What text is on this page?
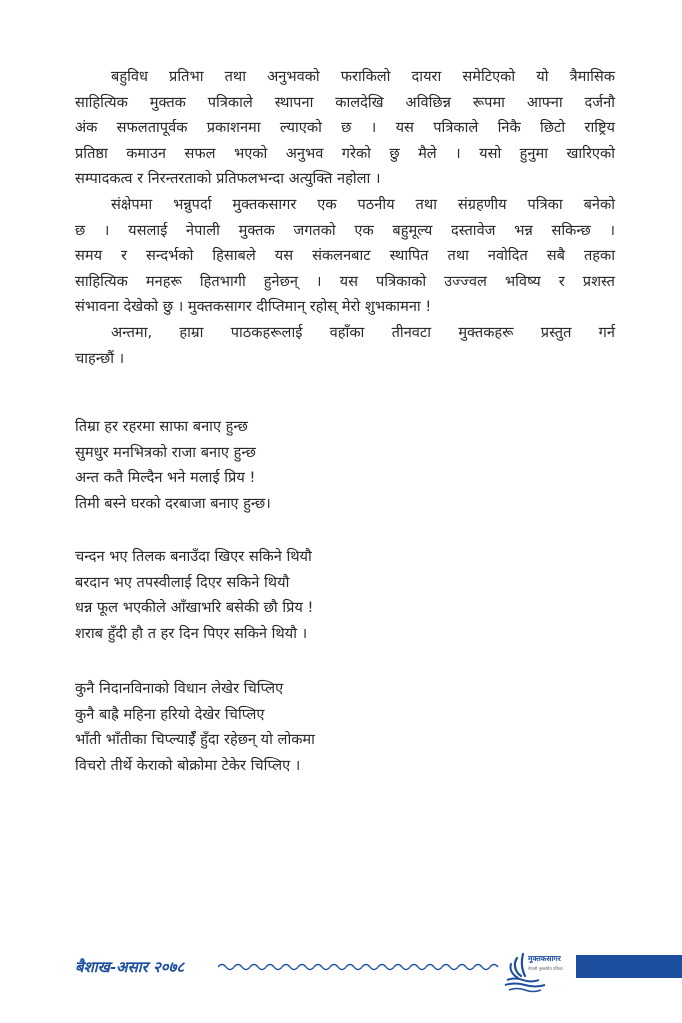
बहुविध प्रतिभा तथा अनुभवको फराकिलो दायरा समेटिएको यो त्रैमासिक
साहित्यिक मुक्तक पत्रिकाले स्थापना कालदेखि अविछिन्न रूपमा आफ्ना दर्जनौ
अंक सफलतापूर्वक प्रकाशनमा ल्याएको छ । यस पत्रिकाले निकै छिटो राष्ट्रिय
प्रतिष्ठा कमाउन सफल भएको अनुभव गरेको छु मैले । यसो हुनुमा खारिएको
सम्पादकत्व र निरन्तरताको प्रतिफलभन्दा अत्युक्ति नहोला ।

संक्षेपमा भन्नुपर्दा मुक्तकसागर एक पठनीय तथा संग्रहणीय पत्रिका बनेको
छ । यसलाई नेपाली मुक्तक जगतको एक बहुमूल्य दस्तावेज भन्न सकिन्छ ।
समय र सन्दर्भको हिसाबले यस संकलनबाट स्थापित तथा नवोदित सबै तहका
साहित्यिक मनहरू हितभागी हुनेछन् । यस पत्रिकाको उज्ज्वल भविष्य र प्रशस्त
संभावना देखेको छु । मुक्तकसागर दीप्तिमान् रहोस् मेरो शुभकामना !

अन्तमा, हाम्रा पाठकहरूलाई वहाँका तीनवटा मुक्तकहरू प्रस्तुत गर्न
चाहन्छौं ।

तिम्रा हर रहरमा साफा बनाए हुन्छ
सुमधुर मनभित्रको राजा बनाए हुन्छ
अन्त कतै मिल्दैन भने मलाई प्रिय !
तिमी बस्ने घरको दरबाजा बनाए हुन्छ।
चन्दन भए तिलक बनाउँदा खिएर सकिने थियौ
बरदान भए तपस्वीलाई दिएर सकिने थियौ
धन्न फूल भएकीले आँखाभरि बसेकी छौ प्रिय !
शराब हुँदी हौ त हर दिन पिएर सकिने थियौ ।
कुनै निदानविनाको विधान लेखेर चिप्लिए
कुनै बाह्रै महिना हरियो देखेर चिप्लिए
भाँती भाँतीका चिप्ल्याईँ हुँदा रहेछन् यो लोकमा
विचरो तीर्थे केराको बोक्रोमा टेकेर चिप्लिए ।
बैशाख-असार २०७८	मुक्तकसागर
नेपाली मुक्तकीय पत्रिका
